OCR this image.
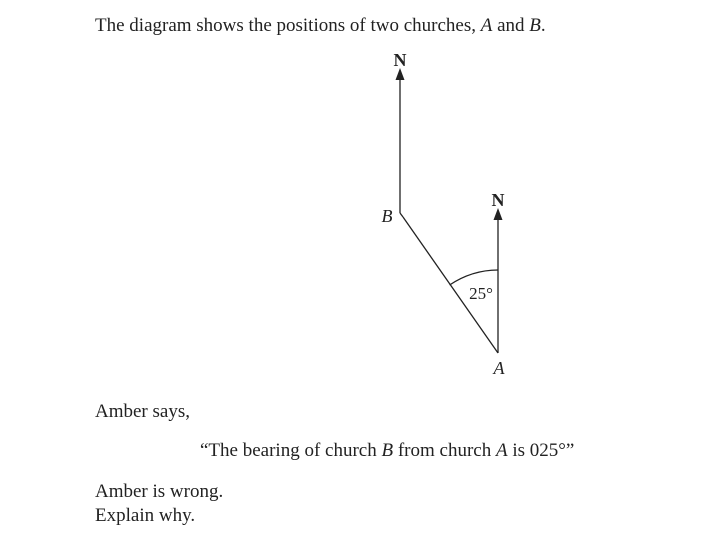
The diagram shows the positions of two churches, A and B.
N
N
B
A
25°
Amber says,
“The bearing of church B from church A is 025°”
Amber is wrong.
Explain why.
